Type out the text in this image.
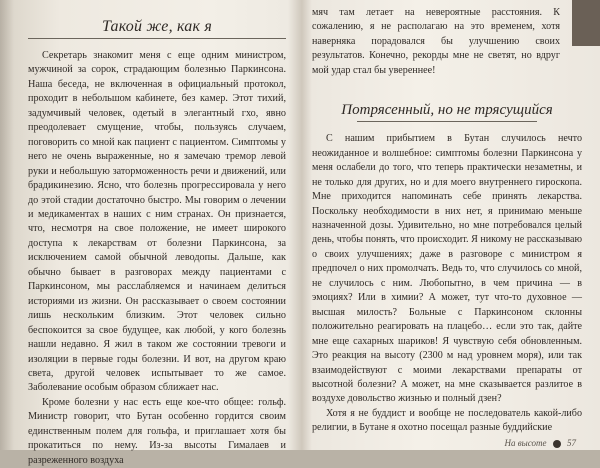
Такой же, как я

Секретарь знакомит меня с еще одним министром, мужчиной за сорок, страдающим болезнью Паркинсона. Наша беседа, не включенная в официальный протокол, проходит в небольшом кабинете, без камер. Этот тихий, задумчивый человек, одетый в элегантный гхо, явно преодолевает смущение, чтобы, пользуясь случаем, поговорить со мной как пациент с пациентом. Симптомы у него не очень выраженные, но я замечаю тремор левой руки и небольшую заторможенность речи и движений, или брадикинезию. Ясно, что болезнь прогрессировала у него до этой стадии достаточно быстро. Мы говорим о лечении и медикаментах в наших с ним странах. Он признается, что, несмотря на свое положение, не имеет широкого доступа к лекарствам от болезни Паркинсона, за исключением самой обычной леводопы. Дальше, как обычно бывает в разговорах между пациентами с Паркинсоном, мы расслабляемся и начинаем делиться историями из жизни. Он рассказывает о своем состоянии лишь нескольким близким. Этот человек сильно беспокоится за свое будущее, как любой, у кого болезнь нашли недавно. Я жил в таком же состоянии тревоги и изоляции в первые годы болезни. И вот, на другом краю света, другой человек испытывает то же самое. Заболевание особым образом сближает нас.

Кроме болезни у нас есть еще кое-что общее: гольф. Министр говорит, что Бутан особенно гордится своим единственным полем для гольфа, и приглашает хотя бы прокатиться по нему. Из-за высоты Гималаев и разреженного воздуха

мяч там летает на невероятные расстояния. К сожалению, я не располагаю на это временем, хотя наверняка порадовался бы улучшению своих результатов. Конечно, рекорды мне не светят, но вдруг мой удар стал бы увереннее!

Потрясенный, но не трясущийся

С нашим прибытием в Бутан случилось нечто неожиданное и волшебное: симптомы болезни Паркинсона у меня ослабели до того, что теперь практически незаметны, и не только для других, но и для моего внутреннего гироскопа. Мне приходится напоминать себе принять лекарства. Поскольку необходимости в них нет, я принимаю меньше назначенной дозы. Удивительно, но мне потребовался целый день, чтобы понять, что происходит. Я никому не рассказываю о своих улучшениях; даже в разговоре с министром я предпочел о них промолчать. Ведь то, что случилось со мной, не случилось с ним. Любопытно, в чем причина — в эмоциях? Или в химии? А может, тут что-то духовное — высшая милость? Больные с Паркинсоном склонны положительно реагировать на плацебо… если это так, дайте мне еще сахарных шариков! Я чувствую себя обновленным. Это реакция на высоту (2300 м над уровнем моря), или так взаимодействуют с моими лекарствами препараты от высотной болезни? А может, на мне сказывается разлитое в воздухе довольство жизнью и полный дзен?

Хотя я не буддист и вообще не последователь какой-либо религии, в Бутане я охотно посещал разные буддийские

На высоте 57
